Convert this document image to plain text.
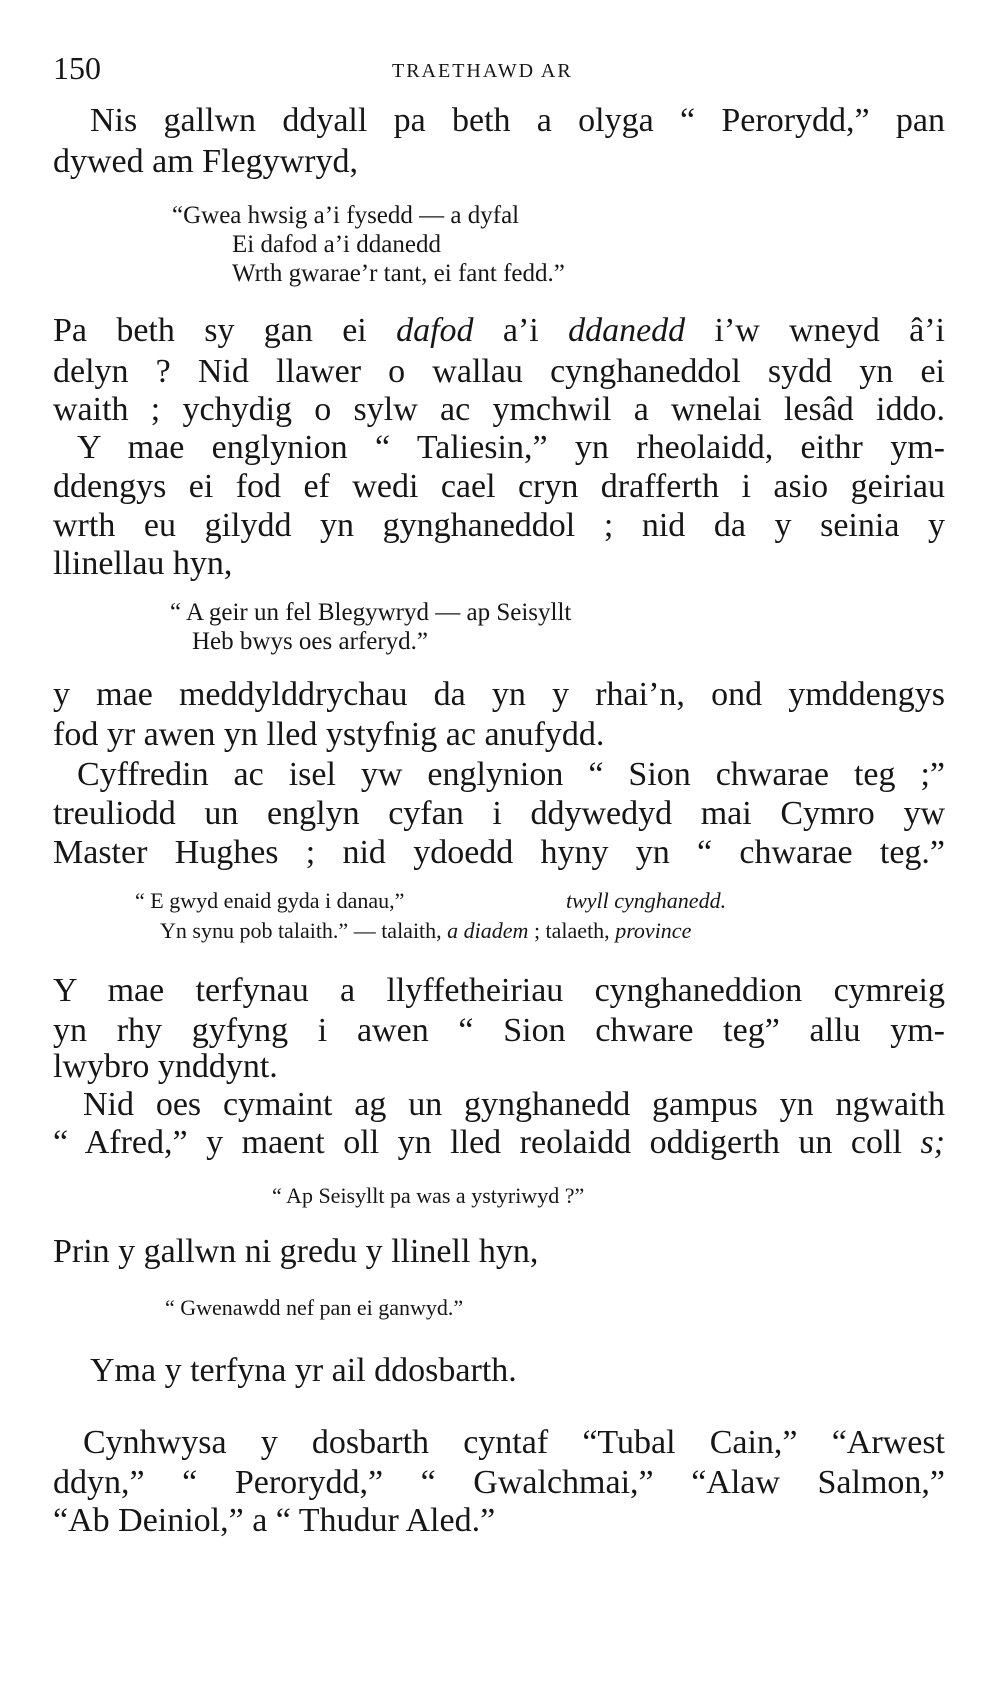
150	TRAETHAWD AR
Nis gallwn ddyall pa beth a olyga “ Perorydd,” pan
dywed am Flegywryd,
“Gwea hwsig a’i fysedd — a dyfal
Ei dafod a’i ddanedd
Wrth gwarae’r tant, ei fant fedd.”
Pa beth sy gan ei dafod a’i ddanedd i’w wneyd â’i
delyn ? Nid llawer o wallau cynghaneddol sydd yn ei
waith ; ychydig o sylw ac ymchwil a wnelai lesâd iddo.
Y mae englynion “ Taliesin,” yn rheolaidd, eithr ym-
ddengys ei fod ef wedi cael cryn drafferth i asio geiriau
wrth eu gilydd yn gynghaneddol ; nid da y seinia y
llinellau hyn,
“ A geir un fel Blegywryd — ap Seisyllt
Heb bwys oes arferyd.”
y mae meddylddrychau da yn y rhai’n, ond ymddengys
fod yr awen yn lled ystyfnig ac anufydd.
Cyffredin ac isel yw englynion “ Sion chwarae teg ;”
treuliodd un englyn cyfan i ddywedyd mai Cymro yw
Master Hughes ; nid ydoedd hyny yn “ chwarae teg.”
“ E gwyd enaid gyda i danau,”	twyll cynghanedd.
Yn synu pob talaith.” — talaith, a diadem ; talaeth, province
Y mae terfynau a llyffetheiriau cynghaneddion cymreig
yn rhy gyfyng i awen “ Sion chware teg” allu ym-
lwybro ynddynt.
Nid oes cymaint ag un gynghanedd gampus yn ngwaith
“ Afred,” y maent oll yn lled reolaidd oddigerth un coll s;
“ Ap Seisyllt pa was a ystyriwyd ?”
Prin y gallwn ni gredu y llinell hyn,
“ Gwenawdd nef pan ei ganwyd.”
Yma y terfyna yr ail ddosbarth.
Cynhwysa y dosbarth cyntaf “Tubal Cain,” “Arwest
ddyn,” “ Perorydd,” “ Gwalchmai,” “Alaw Salmon,”
“Ab Deiniol,” a “ Thudur Aled.”
